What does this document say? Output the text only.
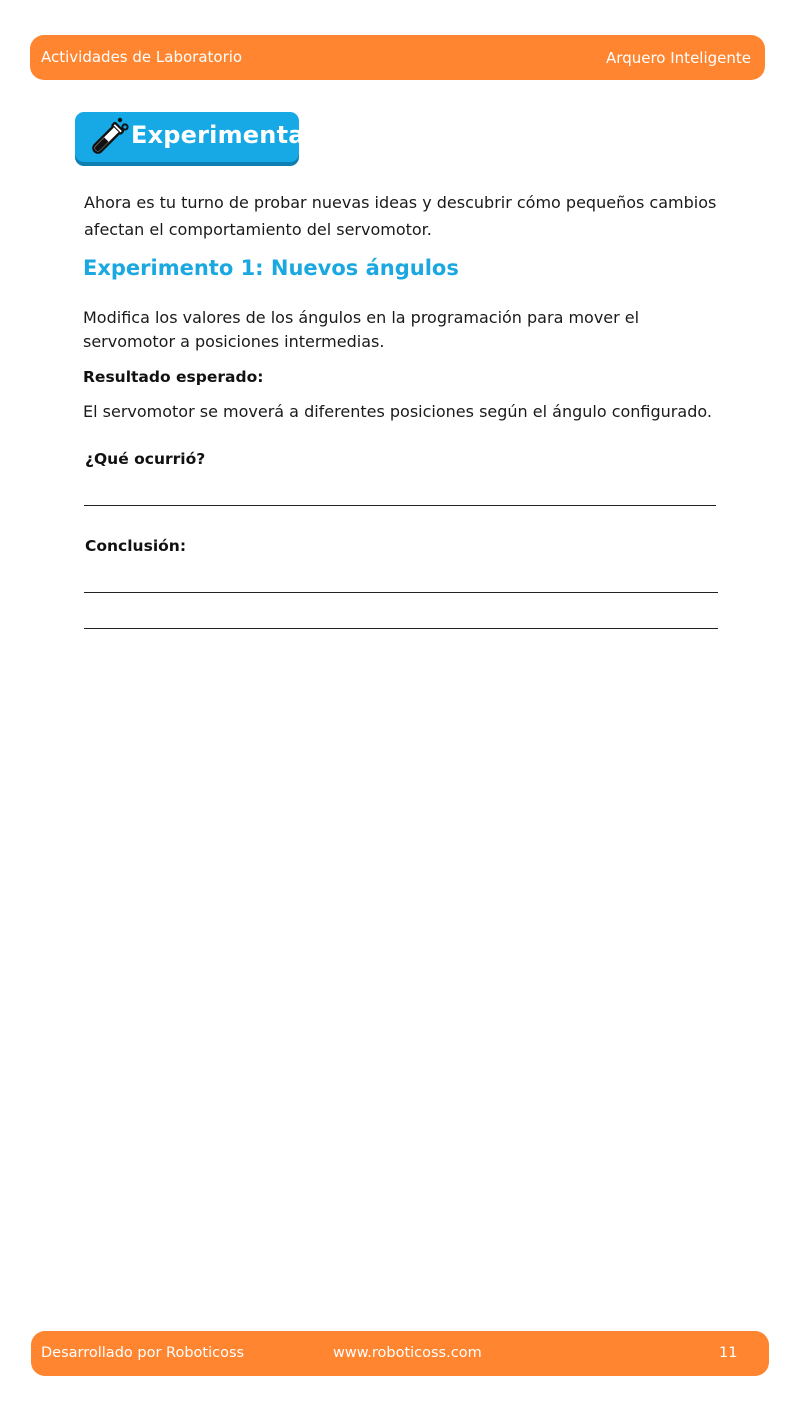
Actividades de Laboratorio	Arquero Inteligente
Experimenta
Ahora es tu turno de probar nuevas ideas y descubrir cómo pequeños cambios afectan el comportamiento del servomotor.
Experimento 1: Nuevos ángulos
Modifica los valores de los ángulos en la programación para mover el servomotor a posiciones intermedias.
Resultado esperado:
El servomotor se moverá a diferentes posiciones según el ángulo configurado.
¿Qué ocurrió?
Conclusión:
Desarrollado por Roboticoss	www.roboticoss.com	11
